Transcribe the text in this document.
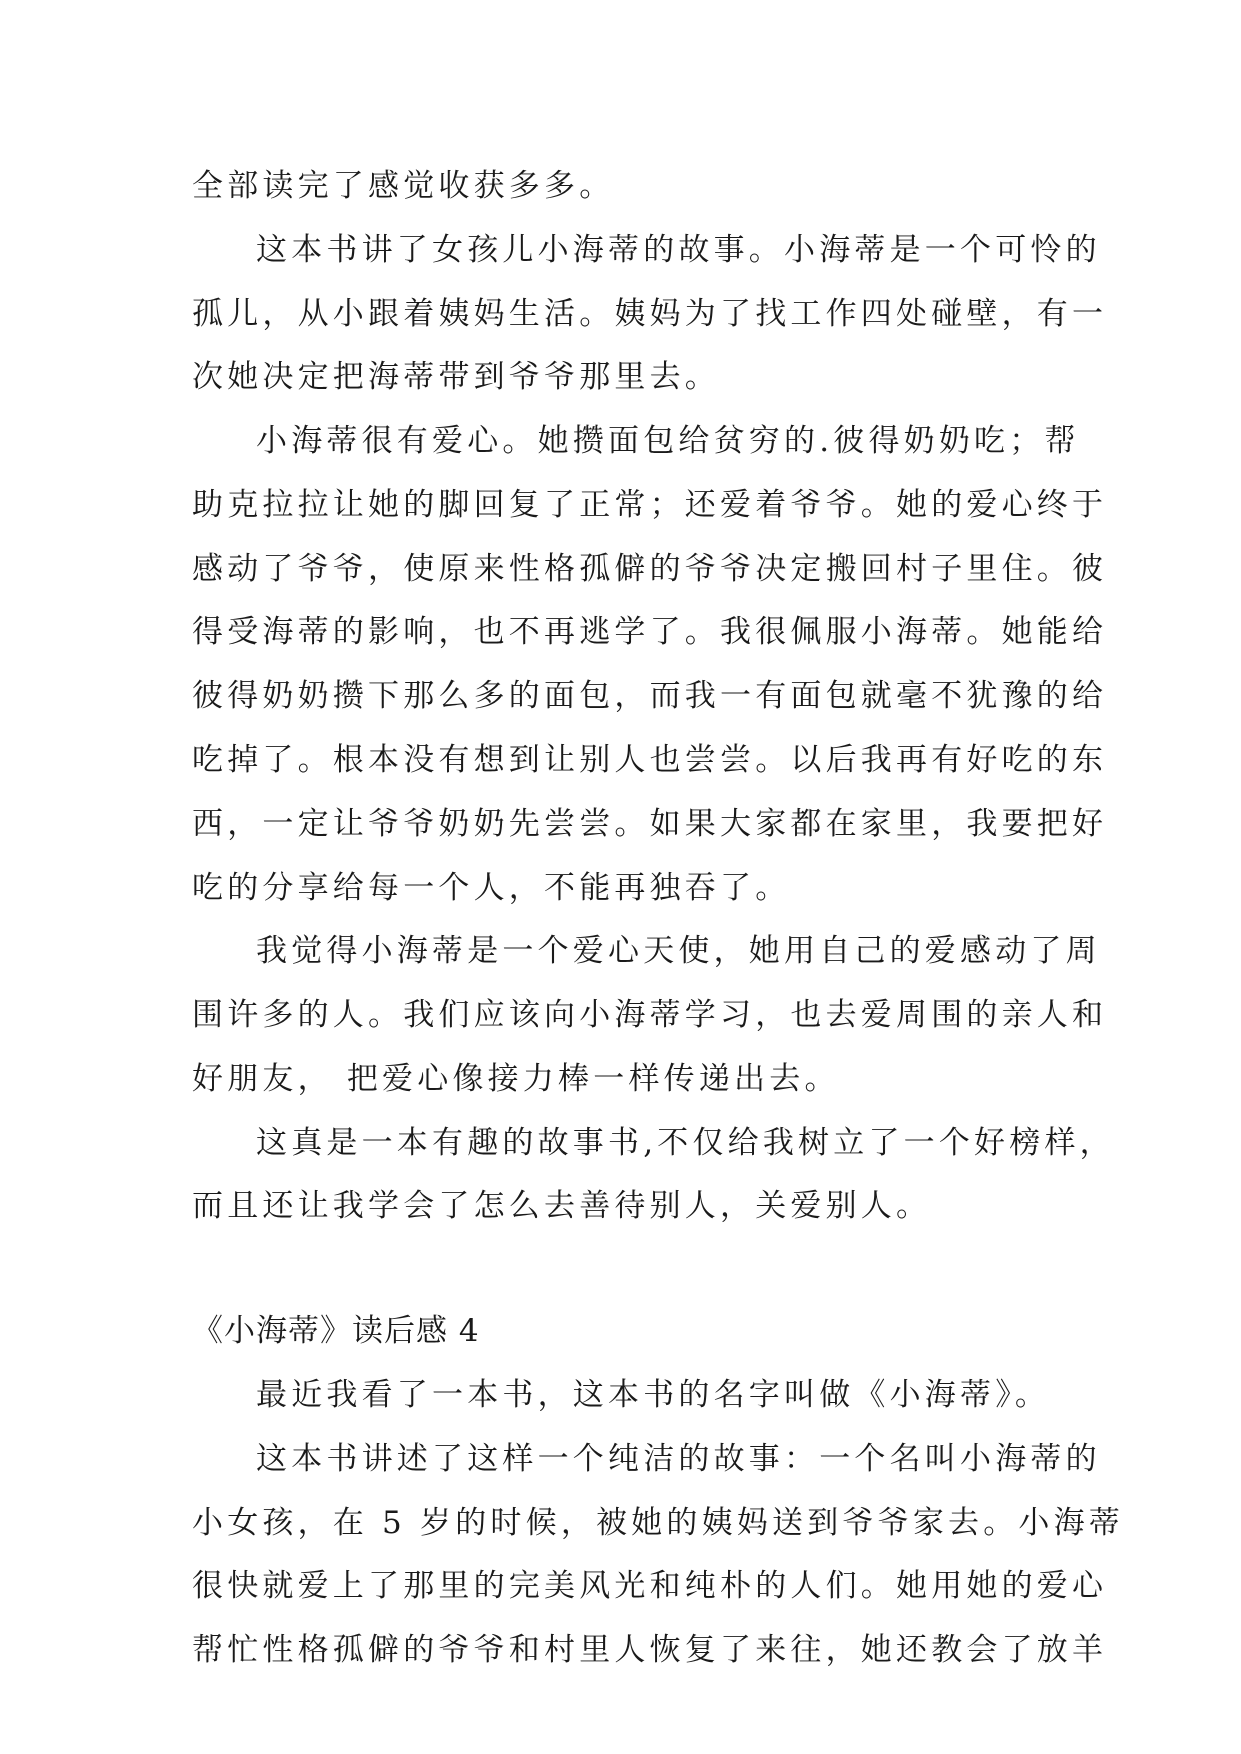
全部读完了感觉收获多多。
这本书讲了女孩儿小海蒂的故事。小海蒂是一个可怜的
孤儿，从小跟着姨妈生活。姨妈为了找工作四处碰壁，有一
次她决定把海蒂带到爷爷那里去。
小海蒂很有爱心。她攒面包给贫穷的.彼得奶奶吃；帮
助克拉拉让她的脚回复了正常；还爱着爷爷。她的爱心终于
感动了爷爷，使原来性格孤僻的爷爷决定搬回村子里住。彼
得受海蒂的影响，也不再逃学了。我很佩服小海蒂。她能给
彼得奶奶攒下那么多的面包，而我一有面包就毫不犹豫的给
吃掉了。根本没有想到让别人也尝尝。以后我再有好吃的东
西，一定让爷爷奶奶先尝尝。如果大家都在家里，我要把好
吃的分享给每一个人，不能再独吞了。
我觉得小海蒂是一个爱心天使，她用自己的爱感动了周
围许多的人。我们应该向小海蒂学习，也去爱周围的亲人和
好朋友， 把爱心像接力棒一样传递出去。
这真是一本有趣的故事书,不仅给我树立了一个好榜样，
而且还让我学会了怎么去善待别人，关爱别人。
《小海蒂》读后感 4
最近我看了一本书，这本书的名字叫做《小海蒂》。
这本书讲述了这样一个纯洁的故事：一个名叫小海蒂的
小女孩，在 5 岁的时候，被她的姨妈送到爷爷家去。小海蒂
很快就爱上了那里的完美风光和纯朴的人们。她用她的爱心
帮忙性格孤僻的爷爷和村里人恢复了来往，她还教会了放羊
